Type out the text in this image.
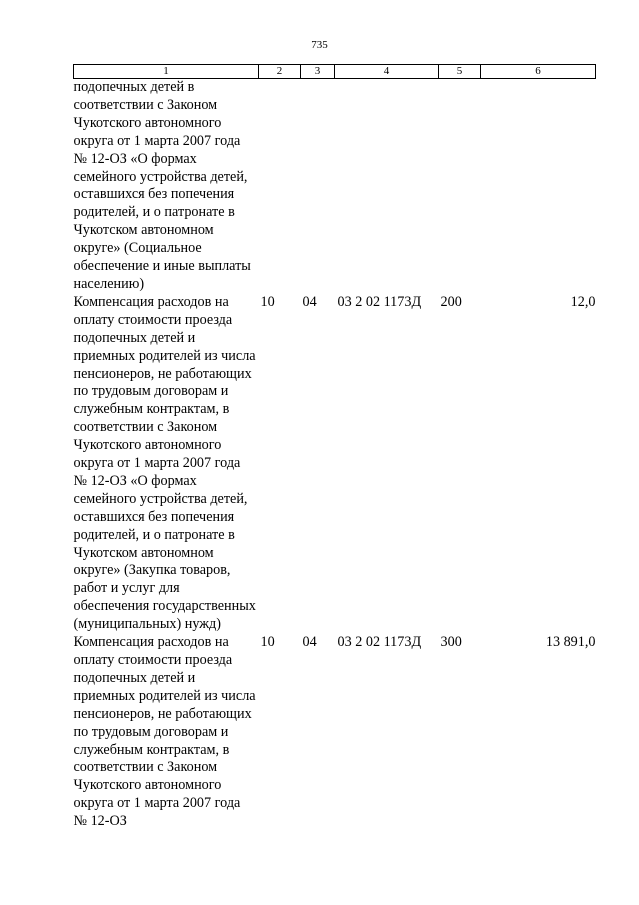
735
1	2	3	4	5	6
подопечных детей в соответствии с Законом Чукотского автономного округа от 1 марта 2007 года № 12-ОЗ «О формах семейного устройства детей, оставшихся без попечения родителей, и о патронате в Чукотском автономном округе» (Социальное обеспечение и иные выплаты населению)					
Компенсация расходов на оплату стоимости проезда подопечных детей и приемных родителей из числа пенсионеров, не работающих по трудовым договорам и служебным контрактам, в соответствии с Законом Чукотского автономного округа от 1 марта 2007 года № 12-ОЗ «О формах семейного устройства детей, оставшихся без попечения родителей, и о патронате в Чукотском автономном округе» (Закупка товаров, работ и услуг для обеспечения государственных (муниципальных) нужд)	10	04	03 2 02 1173Д	200	12,0
Компенсация расходов на оплату стоимости проезда подопечных детей и приемных родителей из числа пенсионеров, не работающих по трудовым договорам и служебным контрактам, в соответствии с Законом Чукотского автономного округа от 1 марта 2007 года № 12-ОЗ	10	04	03 2 02 1173Д	300	13 891,0
